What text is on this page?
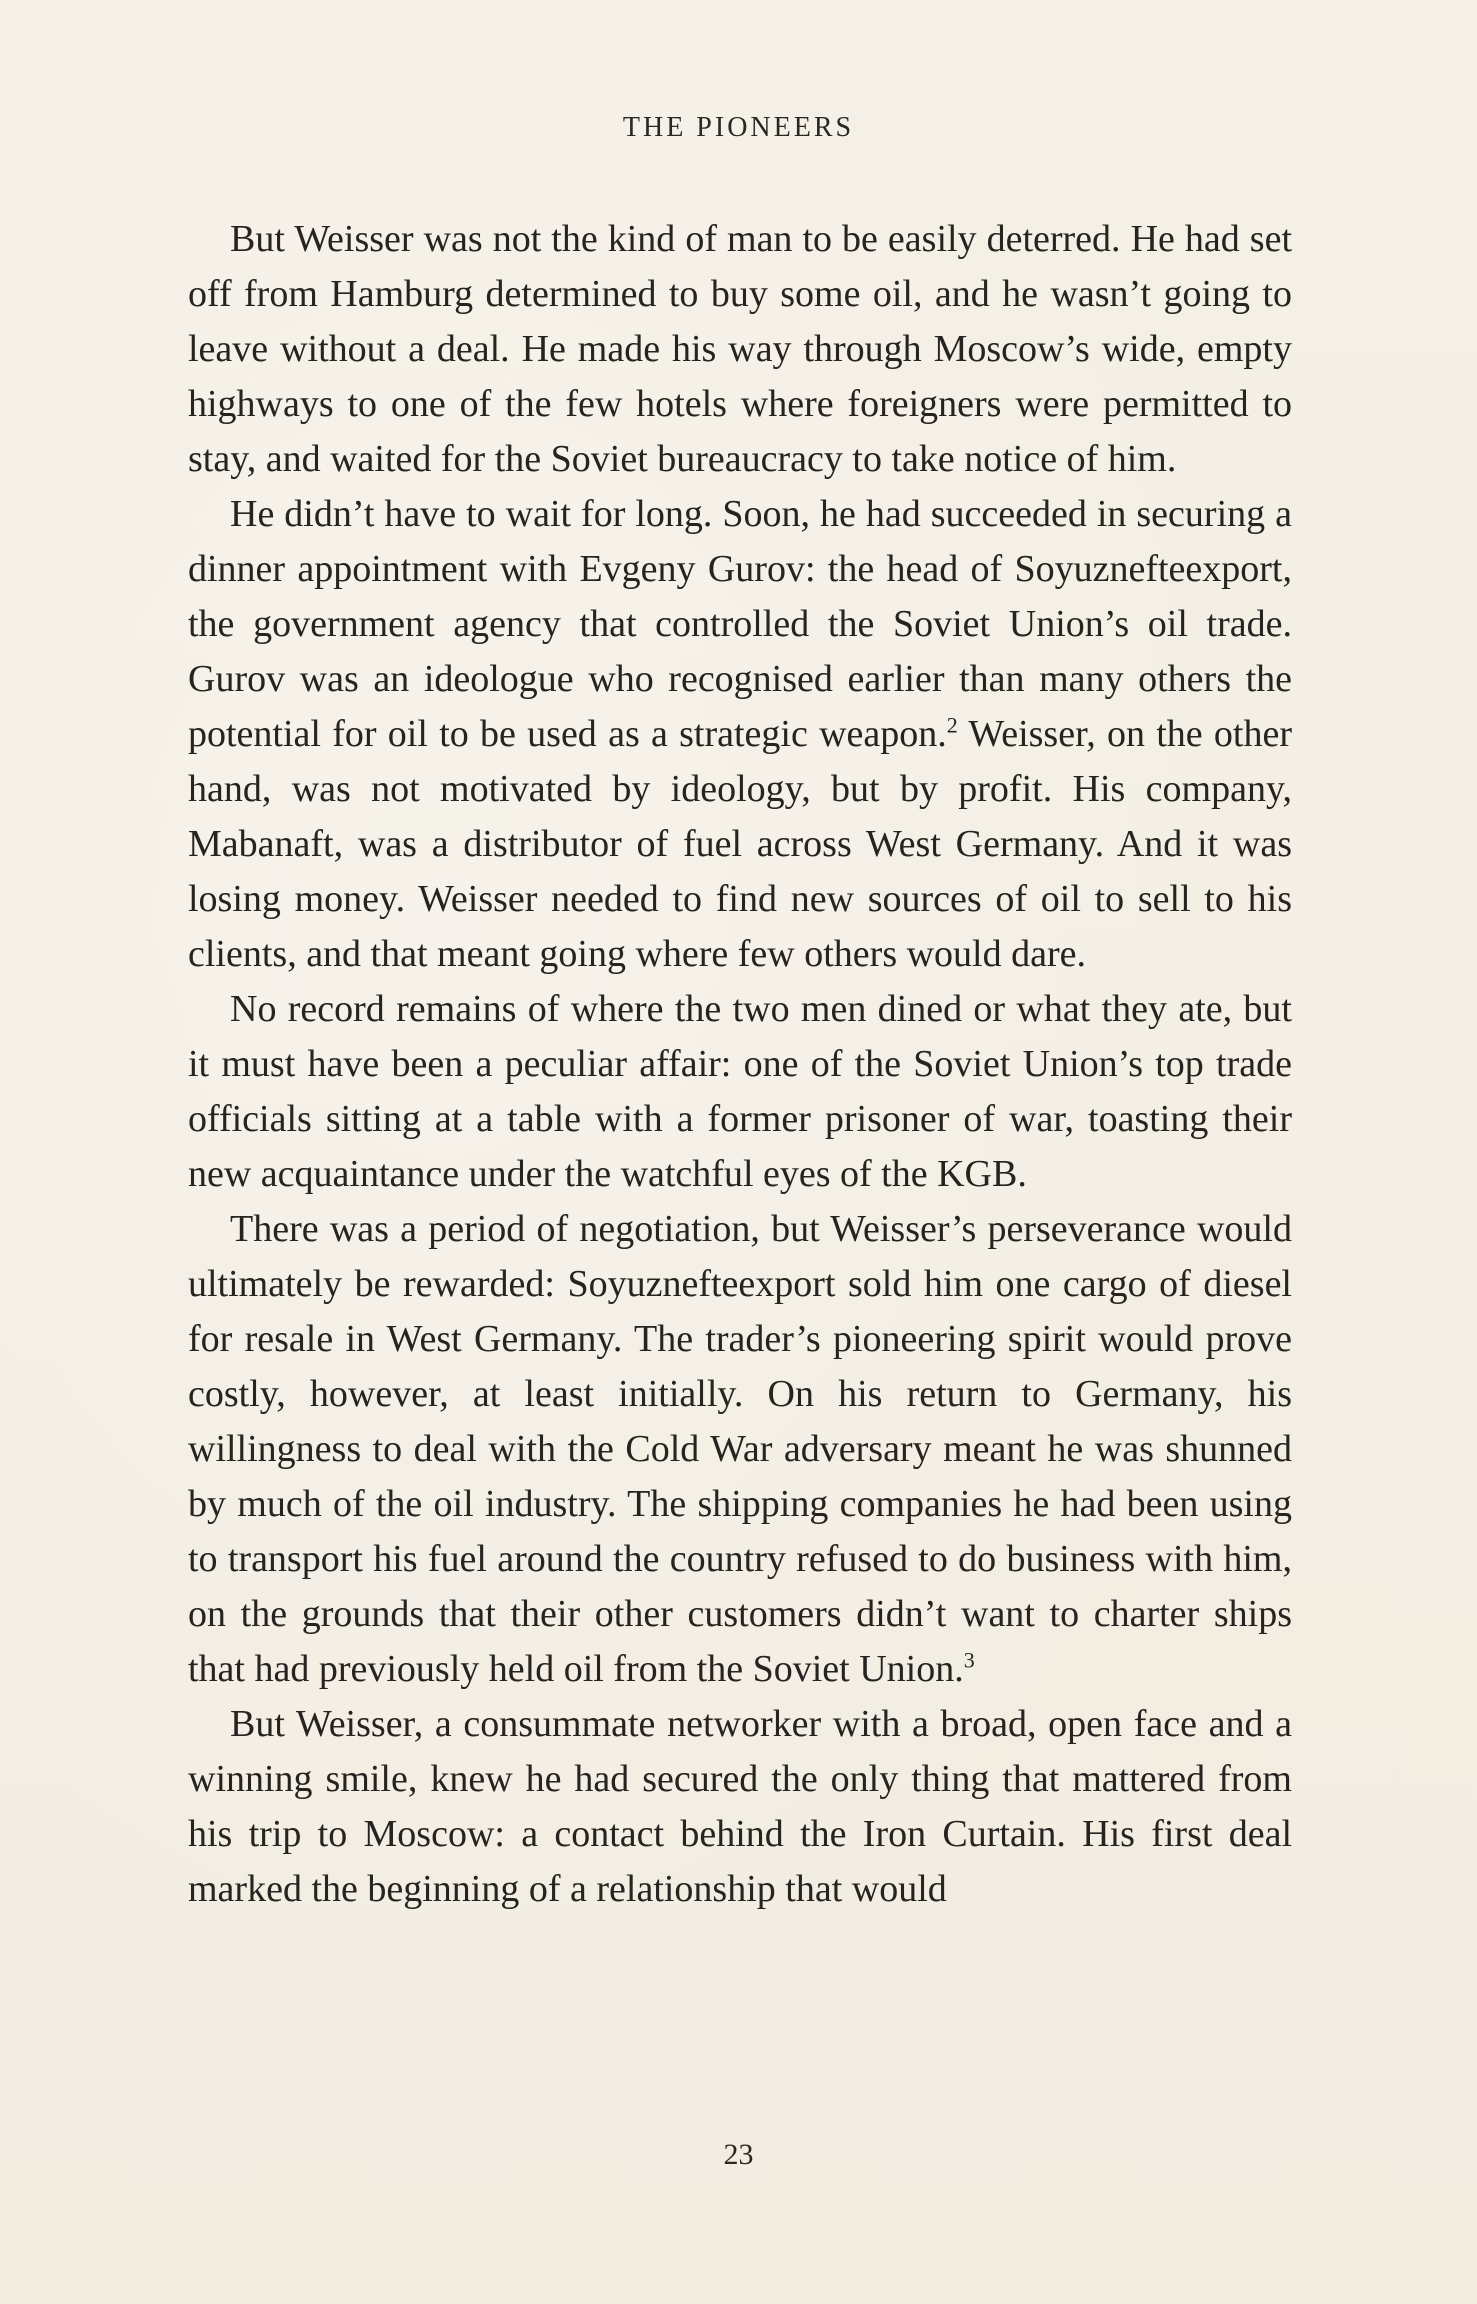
THE PIONEERS

But Weisser was not the kind of man to be easily deterred. He had set off from Hamburg determined to buy some oil, and he wasn’t going to leave without a deal. He made his way through Moscow’s wide, empty highways to one of the few hotels where foreigners were permitted to stay, and waited for the Soviet bureaucracy to take notice of him.

He didn’t have to wait for long. Soon, he had succeeded in securing a dinner appointment with Evgeny Gurov: the head of Soyuznefteexport, the government agency that controlled the Soviet Union’s oil trade. Gurov was an ideologue who recognised earlier than many others the potential for oil to be used as a strategic weapon.$^2$ Weisser, on the other hand, was not motivated by ideology, but by profit. His company, Mabanaft, was a distributor of fuel across West Germany. And it was losing money. Weisser needed to find new sources of oil to sell to his clients, and that meant going where few others would dare.

No record remains of where the two men dined or what they ate, but it must have been a peculiar affair: one of the Soviet Union’s top trade officials sitting at a table with a former prisoner of war, toasting their new acquaintance under the watchful eyes of the KGB.

There was a period of negotiation, but Weisser’s perseverance would ultimately be rewarded: Soyuznefteexport sold him one cargo of diesel for resale in West Germany. The trader’s pioneering spirit would prove costly, however, at least initially. On his return to Germany, his willingness to deal with the Cold War adversary meant he was shunned by much of the oil industry. The shipping companies he had been using to transport his fuel around the country refused to do business with him, on the grounds that their other customers didn’t want to charter ships that had previously held oil from the Soviet Union.$^3$

But Weisser, a consummate networker with a broad, open face and a winning smile, knew he had secured the only thing that mattered from his trip to Moscow: a contact behind the Iron Curtain. His first deal marked the beginning of a relationship that would

23
